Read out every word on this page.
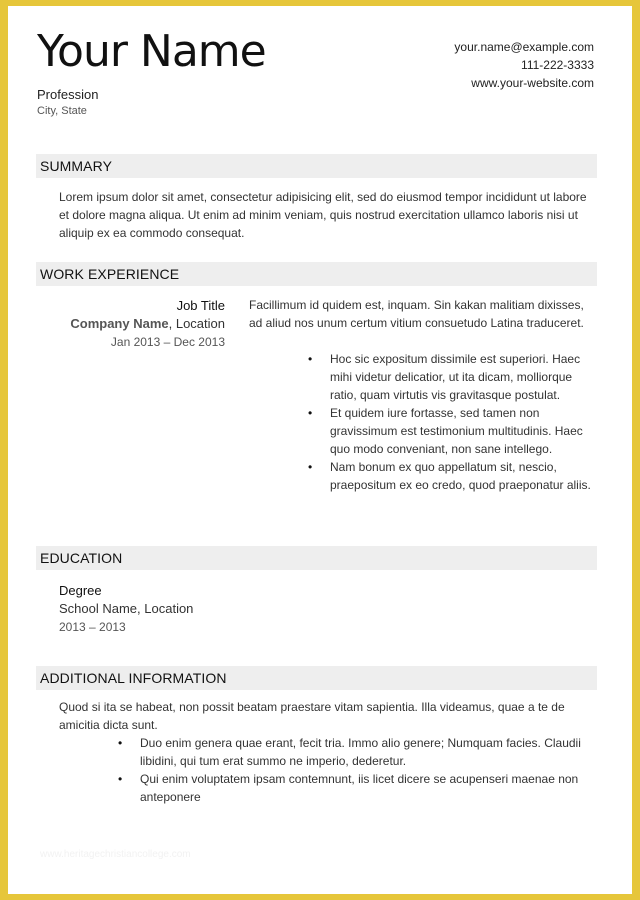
Your Name
Profession
City, State
your.name@example.com
111-222-3333
www.your-website.com
SUMMARY
Lorem ipsum dolor sit amet, consectetur adipisicing elit, sed do eiusmod tempor incididunt ut labore et dolore magna aliqua. Ut enim ad minim veniam, quis nostrud exercitation ullamco laboris nisi ut aliquip ex ea commodo consequat.
WORK EXPERIENCE
Job Title
Company Name, Location
Jan 2013 – Dec 2013
Facillimum id quidem est, inquam. Sin kakan malitiam dixisses, ad aliud nos unum certum vitium consuetudo Latina traduceret.
• Hoc sic expositum dissimile est superiori. Haec mihi videtur delicatior, ut ita dicam, molliorque ratio, quam virtutis vis gravitasque postulat.
• Et quidem iure fortasse, sed tamen non gravissimum est testimonium multitudinis. Haec quo modo conveniant, non sane intellego.
• Nam bonum ex quo appellatum sit, nescio, praepositum ex eo credo, quod praeponatur aliis.
EDUCATION
Degree
School Name, Location
2013 – 2013
ADDITIONAL INFORMATION
Quod si ita se habeat, non possit beatam praestare vitam sapientia. Illa videamus, quae a te de amicitia dicta sunt.
• Duo enim genera quae erant, fecit tria. Immo alio genere; Numquam facies. Claudii libidini, qui tum erat summo ne imperio, dederetur.
• Qui enim voluptatem ipsam contemnunt, iis licet dicere se acupenseri maenae non anteponere
www.heritagechristiancollege.com
